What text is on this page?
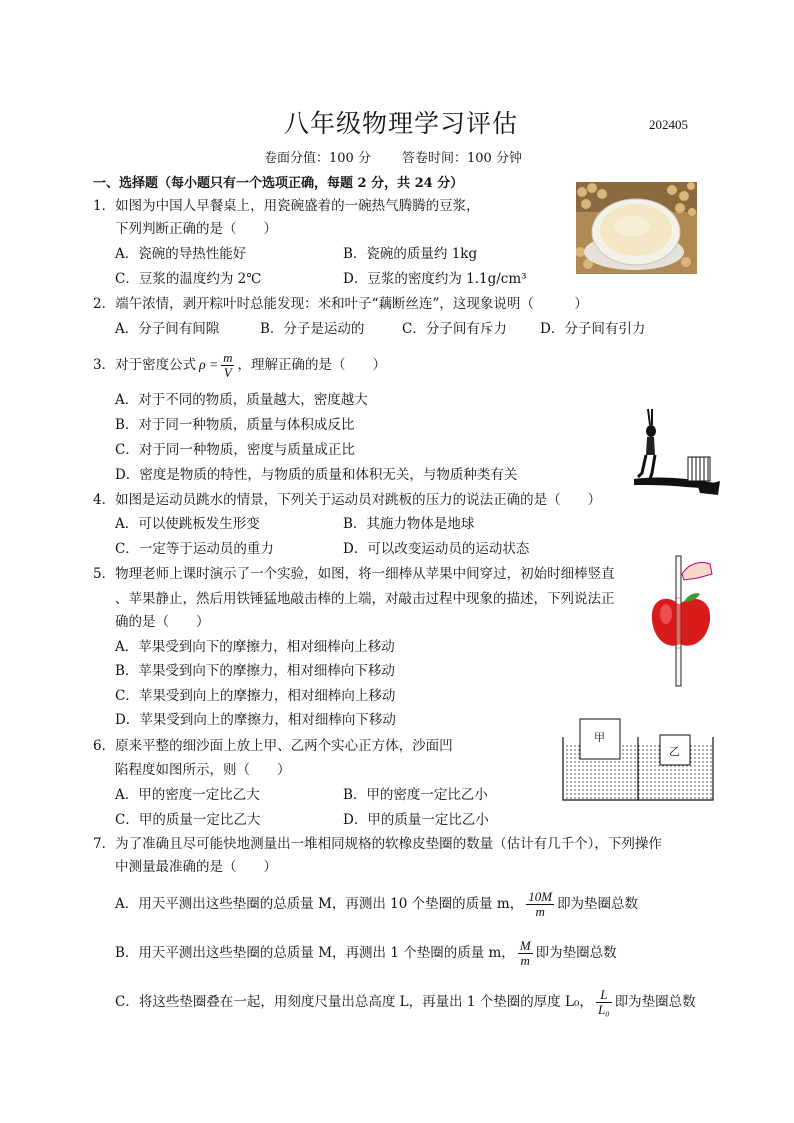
八年级物理学习评估	202405
卷面分值：100 分 答卷时间：100 分钟
一、选择题（每小题只有一个选项正确，每题 2 分，共 24 分）
1．如图为中国人早餐桌上，用瓷碗盛着的一碗热气腾腾的豆浆，
下列判断正确的是（　　）
A．瓷碗的导热性能好	B．瓷碗的质量约 1kg
C．豆浆的温度约为 2℃	D．豆浆的密度约为 1.1g/cm³
2．端午浓情，剥开粽叶时总能发现：米和叶子“藕断丝连”，这现象说明（　　　）
A．分子间有间隙	B．分子是运动的	C．分子间有斥力 D．分子间有引力
3．对于密度公式 $\rho = \frac{m}{V}$ ，理解正确的是（　　）
A．对于不同的物质，质量越大，密度越大
B．对于同一种物质，质量与体积成反比
C．对于同一种物质，密度与质量成正比
D．密度是物质的特性，与物质的质量和体积无关，与物质种类有关
4．如图是运动员跳水的情景，下列关于运动员对跳板的压力的说法正确的是（　　）
A．可以使跳板发生形变	B．其施力物体是地球
C．一定等于运动员的重力	D．可以改变运动员的运动状态
5．物理老师上课时演示了一个实验，如图，将一细棒从苹果中间穿过，初始时细棒竖直
、苹果静止，然后用铁锤猛地敲击棒的上端，对敲击过程中现象的描述，下列说法正
确的是（　　）
A．苹果受到向下的摩擦力，相对细棒向上移动
B．苹果受到向下的摩擦力，相对细棒向下移动
C．苹果受到向上的摩擦力，相对细棒向上移动
D．苹果受到向上的摩擦力，相对细棒向下移动
6．原来平整的细沙面上放上甲、乙两个实心正方体，沙面凹
陷程度如图所示，则（　　）
A．甲的密度一定比乙大	B．甲的密度一定比乙小
C．甲的质量一定比乙大	D．甲的质量一定比乙小
甲
乙
7．为了准确且尽可能快地测量出一堆相同规格的软橡皮垫圈的数量（估计有几千个），下列操作
中测量最准确的是（　　）
A．用天平测出这些垫圈的总质量 M，再测出 10 个垫圈的质量 m， $\frac{10M}{m}$ 即为垫圈总数
B．用天平测出这些垫圈的总质量 M，再测出 1 个垫圈的质量 m， $\frac{M}{m}$ 即为垫圈总数
C．将这些垫圈叠在一起，用刻度尺量出总高度 L，再量出 1 个垫圈的厚度 L₀， $\frac{L}{\text{L₀}}$ 即为垫圈总数
